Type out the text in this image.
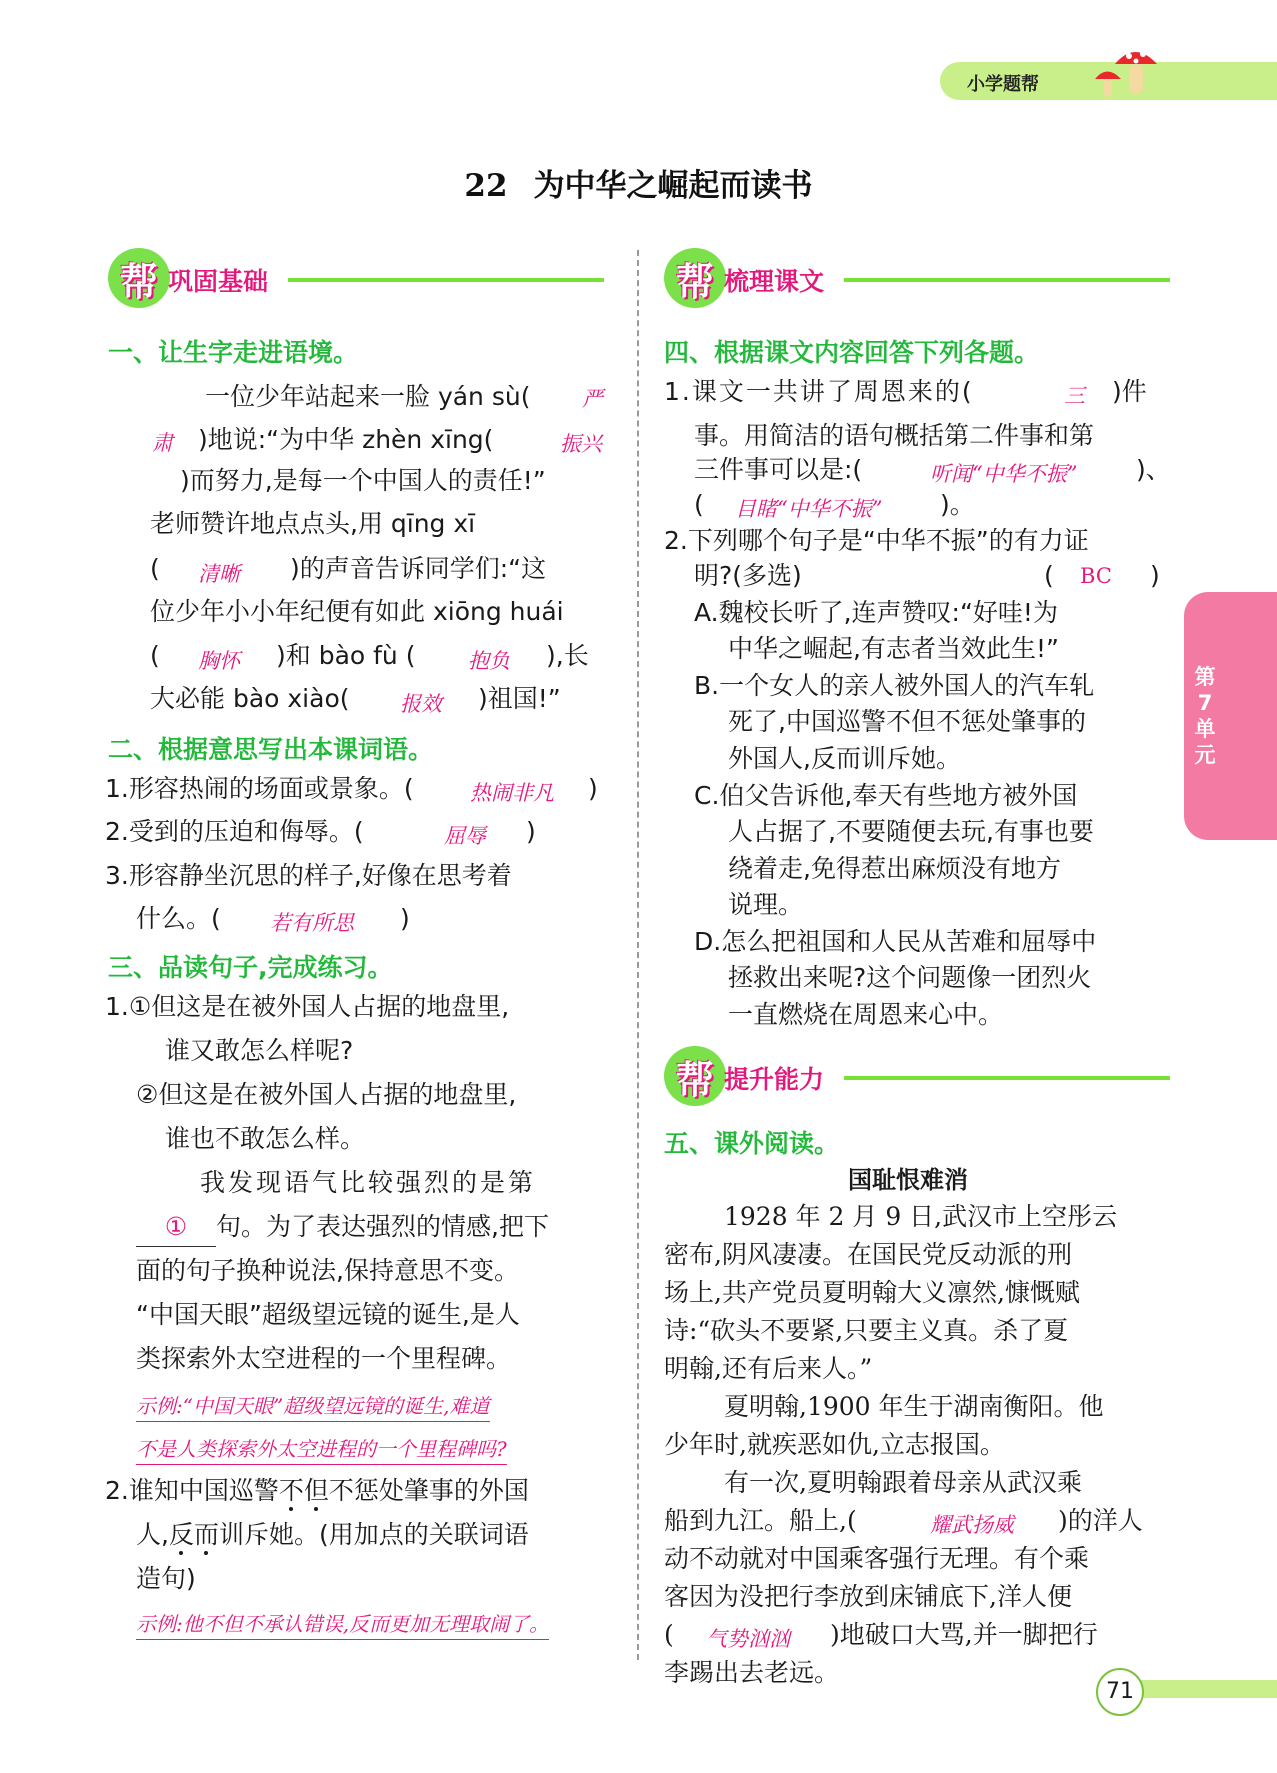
小学题帮
22 为中华之崛起而读书
帮 巩固基础
一、让生字走进语境。
一位少年站起来一脸 yán sù( 严
肃 )地说:“为中华 zhèn xīng(	振兴
)而努力,是每一个中国人的责任!”
老师赞许地点点头,用 qīng xī
( 清晰 )的声音告诉同学们:“这
位少年小小年纪便有如此 xiōng huái
( 胸怀 )和 bào fù (	抱负 ),长
大必能 bào xiào( 报效 )祖国!”
二、根据意思写出本课词语。
1.形容热闹的场面或景象。(	热闹非凡 )
2.受到的压迫和侮辱。(	屈辱 )
3.形容静坐沉思的样子,好像在思考着
什么。( 若有所思 )
三、品读句子,完成练习。
1.①但这是在被外国人占据的地盘里,
谁又敢怎么样呢?
②但这是在被外国人占据的地盘里,
谁也不敢怎么样。
我发现语气比较强烈的是第
① 句。为了表达强烈的情感,把下
面的句子换种说法,保持意思不变。
“中国天眼”超级望远镜的诞生,是人
类探索外太空进程的一个里程碑。
示例:“中国天眼”超级望远镜的诞生,难道
不是人类探索外太空进程的一个里程碑吗?
2.谁知中国巡警不但不惩处肇事的外国
人,反而训斥她。(用加点的关联词语
造句)
示例:他不但不承认错误,反而更加无理取闹了。
帮 梳理课文
四、根据课文内容回答下列各题。
1.课文一共讲了周恩来的(	三 )件
事。用简洁的语句概括第二件事和第
三件事可以是:(	听闻“中华不振” )、
( 目睹“中华不振” )。
2.下列哪个句子是“中华不振”的有力证
明?(多选)	( BC )
A.魏校长听了,连声赞叹:“好哇!为
中华之崛起,有志者当效此生!”
B.一个女人的亲人被外国人的汽车轧
死了,中国巡警不但不惩处肇事的
外国人,反而训斥她。
C.伯父告诉他,奉天有些地方被外国
人占据了,不要随便去玩,有事也要
绕着走,免得惹出麻烦没有地方
说理。
D.怎么把祖国和人民从苦难和屈辱中
拯救出来呢?这个问题像一团烈火
一直燃烧在周恩来心中。
帮 提升能力
五、课外阅读。
国耻恨难消
1928 年 2 月 9 日,武汉市上空彤云
密布,阴风凄凄。在国民党反动派的刑
场上,共产党员夏明翰大义凛然,慷慨赋
诗:“砍头不要紧,只要主义真。杀了夏
明翰,还有后来人。”
夏明翰,1900 年生于湖南衡阳。他
少年时,就疾恶如仇,立志报国。
有一次,夏明翰跟着母亲从武汉乘
船到九江。船上,(	耀武扬威 )的洋人
动不动就对中国乘客强行无理。有个乘
客因为没把行李放到床铺底下,洋人便
( 气势汹汹 )地破口大骂,并一脚把行
李踢出去老远。
第7单元
71
